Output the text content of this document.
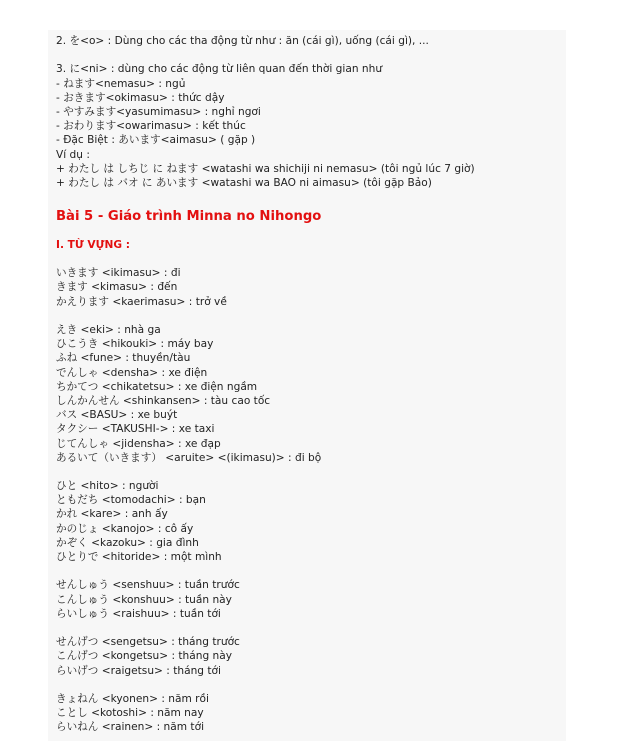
2. を<o> : Dùng cho các tha động từ như : ăn (cái gì), uống (cái gì), ...
3. に<ni> : dùng cho các động từ liên quan đến thời gian như
- ねます<nemasu> : ngủ
- おきます<okimasu> : thức dậy
- やすみます<yasumimasu> : nghỉ ngơi
- おわります<owarimasu> : kết thúc
- Đặc Biệt : あいます<aimasu> ( gặp )
Ví dụ :
+ わたし は しちじ に ねます <watashi wa shichiji ni nemasu> (tôi ngủ lúc 7 giờ)
+ わたし は バオ に あいます <watashi wa BAO ni aimasu> (tôi gặp Bảo)
Bài 5 - Giáo trình Minna no Nihongo
I. TỪ VỰNG :
いきます <ikimasu> : đi
きます <kimasu> : đến
かえります <kaerimasu> : trở về
えき <eki> : nhà ga
ひこうき <hikouki> : máy bay
ふね <fune> : thuyền/tàu
でんしゃ <densha> : xe điện
ちかてつ <chikatetsu> : xe điện ngầm
しんかんせん <shinkansen> : tàu cao tốc
バス <BASU> : xe buýt
タクシー <TAKUSHI-> : xe taxi
じてんしゃ <jidensha> : xe đạp
あるいて（いきます） <aruite> <(ikimasu)> : đi bộ
ひと <hito> : người
ともだち <tomodachi> : bạn
かれ <kare> : anh ấy
かのじょ <kanojo> : cô ấy
かぞく <kazoku> : gia đình
ひとりで <hitoride> : một mình
せんしゅう <senshuu> : tuần trước
こんしゅう <konshuu> : tuần này
らいしゅう <raishuu> : tuần tới
せんげつ <sengetsu> : tháng trước
こんげつ <kongetsu> : tháng này
らいげつ <raigetsu> : tháng tới
きょねん <kyonen> : năm rồi
ことし <kotoshi> : năm nay
らいねん <rainen> : năm tới
